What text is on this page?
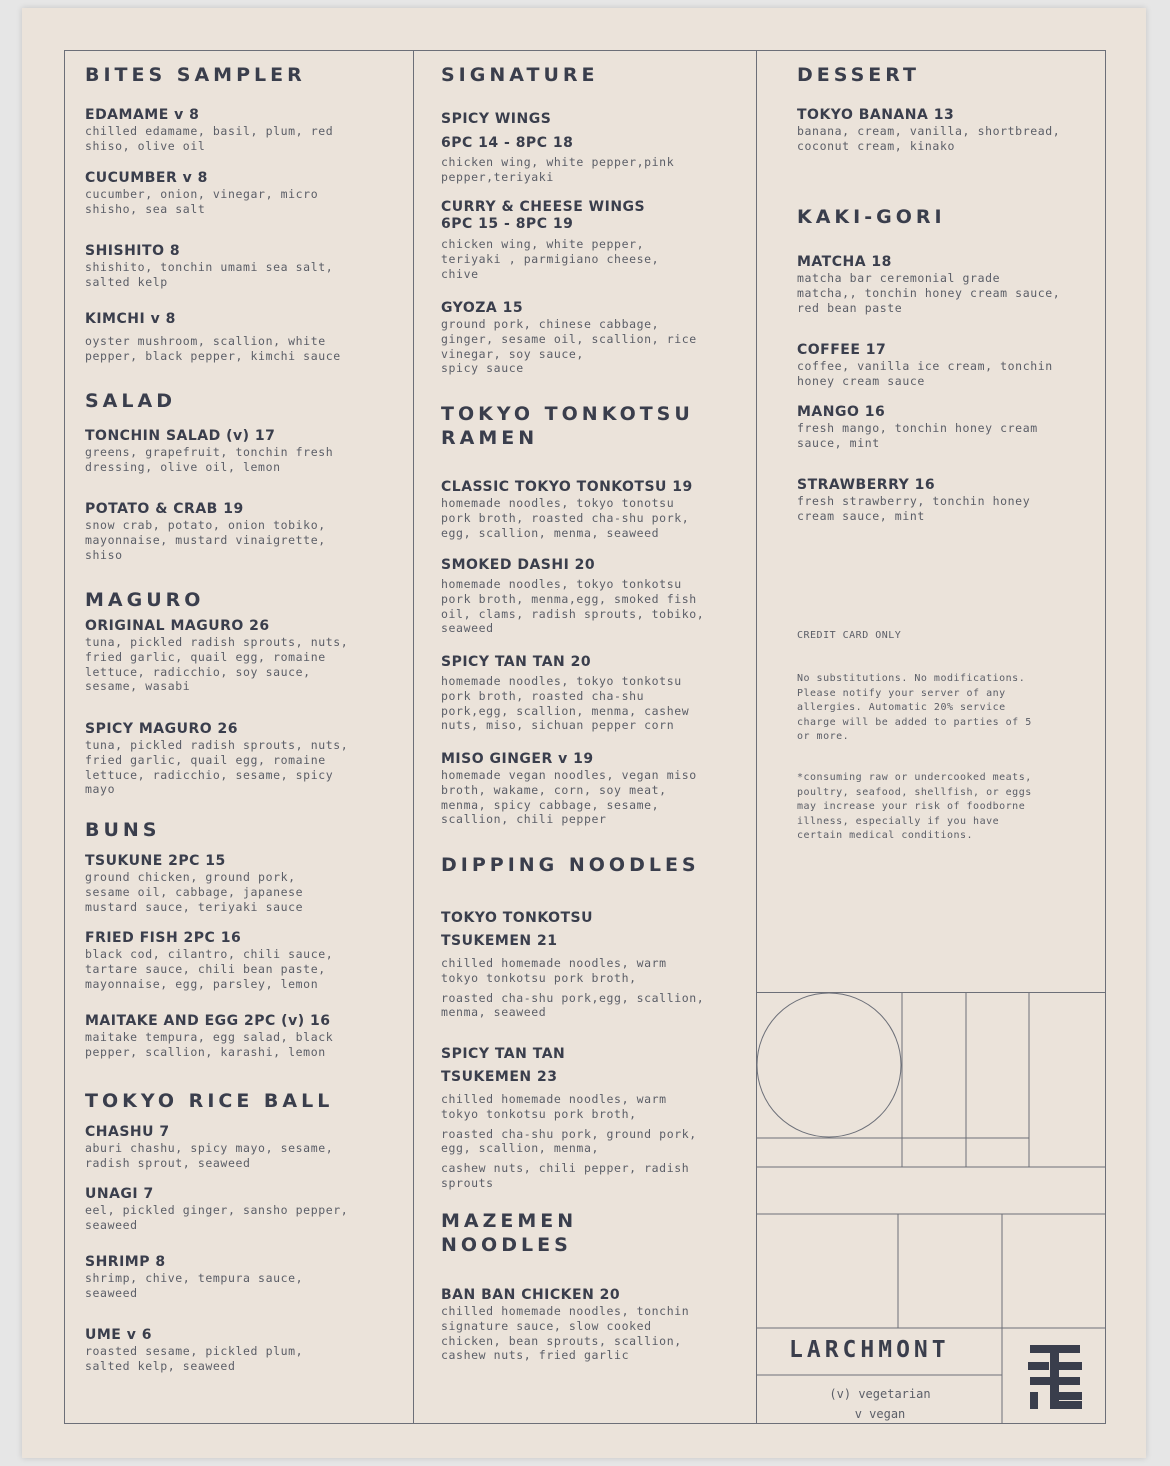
BITES SAMPLER
EDAMAME v 8
chilled edamame, basil, plum, red
shiso, olive oil
CUCUMBER v 8
cucumber, onion, vinegar, micro
shisho, sea salt
SHISHITO 8
shishito, tonchin umami sea salt,
salted kelp
KIMCHI v 8
oyster mushroom, scallion, white
pepper, black pepper, kimchi sauce
SALAD
TONCHIN SALAD (v) 17
greens, grapefruit, tonchin fresh
dressing, olive oil, lemon
POTATO & CRAB 19
snow crab, potato, onion tobiko,
mayonnaise, mustard vinaigrette,
shiso
MAGURO
ORIGINAL MAGURO 26
tuna, pickled radish sprouts, nuts,
fried garlic, quail egg, romaine
lettuce, radicchio, soy sauce,
sesame, wasabi
SPICY MAGURO 26
tuna, pickled radish sprouts, nuts,
fried garlic, quail egg, romaine
lettuce, radicchio, sesame, spicy
mayo
BUNS
TSUKUNE 2PC 15
ground chicken, ground pork,
sesame oil, cabbage, japanese
mustard sauce, teriyaki sauce
FRIED FISH 2PC 16
black cod, cilantro, chili sauce,
tartare sauce, chili bean paste,
mayonnaise, egg, parsley, lemon
MAITAKE AND EGG 2PC (v) 16
maitake tempura, egg salad, black
pepper, scallion, karashi, lemon
TOKYO RICE BALL
CHASHU 7
aburi chashu, spicy mayo, sesame,
radish sprout, seaweed
UNAGI 7
eel, pickled ginger, sansho pepper,
seaweed
SHRIMP 8
shrimp, chive, tempura sauce,
seaweed
UME v 6
roasted sesame, pickled plum,
salted kelp, seaweed
SIGNATURE
SPICY WINGS
6PC 14 - 8PC 18
chicken wing, white pepper,pink
pepper,teriyaki
CURRY & CHEESE WINGS
6PC 15 - 8PC 19
chicken wing, white pepper,
teriyaki , parmigiano cheese,
chive
GYOZA 15
ground pork, chinese cabbage,
ginger, sesame oil, scallion, rice
vinegar, soy sauce,
spicy sauce
TOKYO TONKOTSU
RAMEN
CLASSIC TOKYO TONKOTSU 19
homemade noodles, tokyo tonotsu
pork broth, roasted cha-shu pork,
egg, scallion, menma, seaweed
SMOKED DASHI 20
homemade noodles, tokyo tonkotsu
pork broth, menma,egg, smoked fish
oil, clams, radish sprouts, tobiko,
seaweed
SPICY TAN TAN 20
homemade noodles, tokyo tonkotsu
pork broth, roasted cha-shu
pork,egg, scallion, menma, cashew
nuts, miso, sichuan pepper corn
MISO GINGER v 19
homemade vegan noodles, vegan miso
broth, wakame, corn, soy meat,
menma, spicy cabbage, sesame,
scallion, chili pepper
DIPPING NOODLES
TOKYO TONKOTSU
TSUKEMEN 21
chilled homemade noodles, warm
tokyo tonkotsu pork broth,
roasted cha-shu pork,egg, scallion,
menma, seaweed
SPICY TAN TAN
TSUKEMEN 23
chilled homemade noodles, warm
tokyo tonkotsu pork broth,
roasted cha-shu pork, ground pork,
egg, scallion, menma,
cashew nuts, chili pepper, radish
sprouts
MAZEMEN
NOODLES
BAN BAN CHICKEN 20
chilled homemade noodles, tonchin
signature sauce, slow cooked
chicken, bean sprouts, scallion,
cashew nuts, fried garlic
DESSERT
TOKYO BANANA 13
banana, cream, vanilla, shortbread,
coconut cream, kinako
KAKI-GORI
MATCHA 18
matcha bar ceremonial grade
matcha,, tonchin honey cream sauce,
red bean paste
COFFEE 17
coffee, vanilla ice cream, tonchin
honey cream sauce
MANGO 16
fresh mango, tonchin honey cream
sauce, mint
STRAWBERRY 16
fresh strawberry, tonchin honey
cream sauce, mint
CREDIT CARD ONLY
No substitutions. No modifications.
Please notify your server of any
allergies. Automatic 20% service
charge will be added to parties of 5
or more.
*consuming raw or undercooked meats,
poultry, seafood, shellfish, or eggs
may increase your risk of foodborne
illness, especially if you have
certain medical conditions.
LARCHMONT
(v) vegetarian
v vegan
